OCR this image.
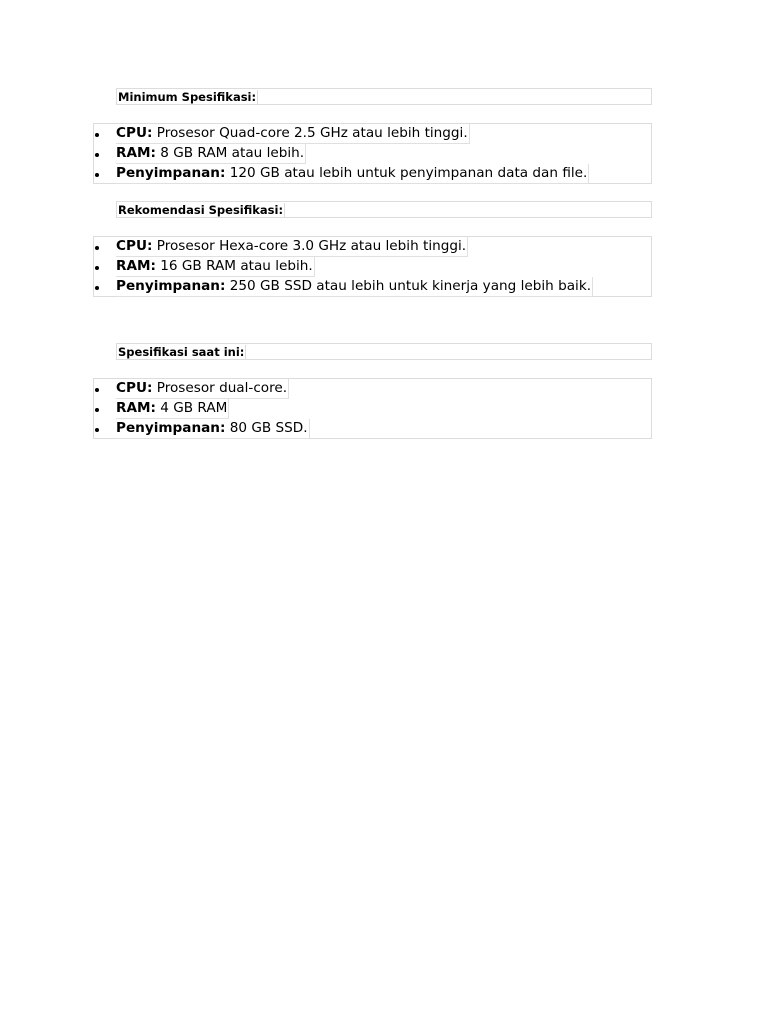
Minimum Spesifikasi:
CPU: Prosesor Quad-core 2.5 GHz atau lebih tinggi.
RAM: 8 GB RAM atau lebih.
Penyimpanan: 120 GB atau lebih untuk penyimpanan data dan file.
Rekomendasi Spesifikasi:
CPU: Prosesor Hexa-core 3.0 GHz atau lebih tinggi.
RAM: 16 GB RAM atau lebih.
Penyimpanan: 250 GB SSD atau lebih untuk kinerja yang lebih baik.
Spesifikasi saat ini:
CPU: Prosesor dual-core.
RAM: 4 GB RAM
Penyimpanan: 80 GB SSD.
